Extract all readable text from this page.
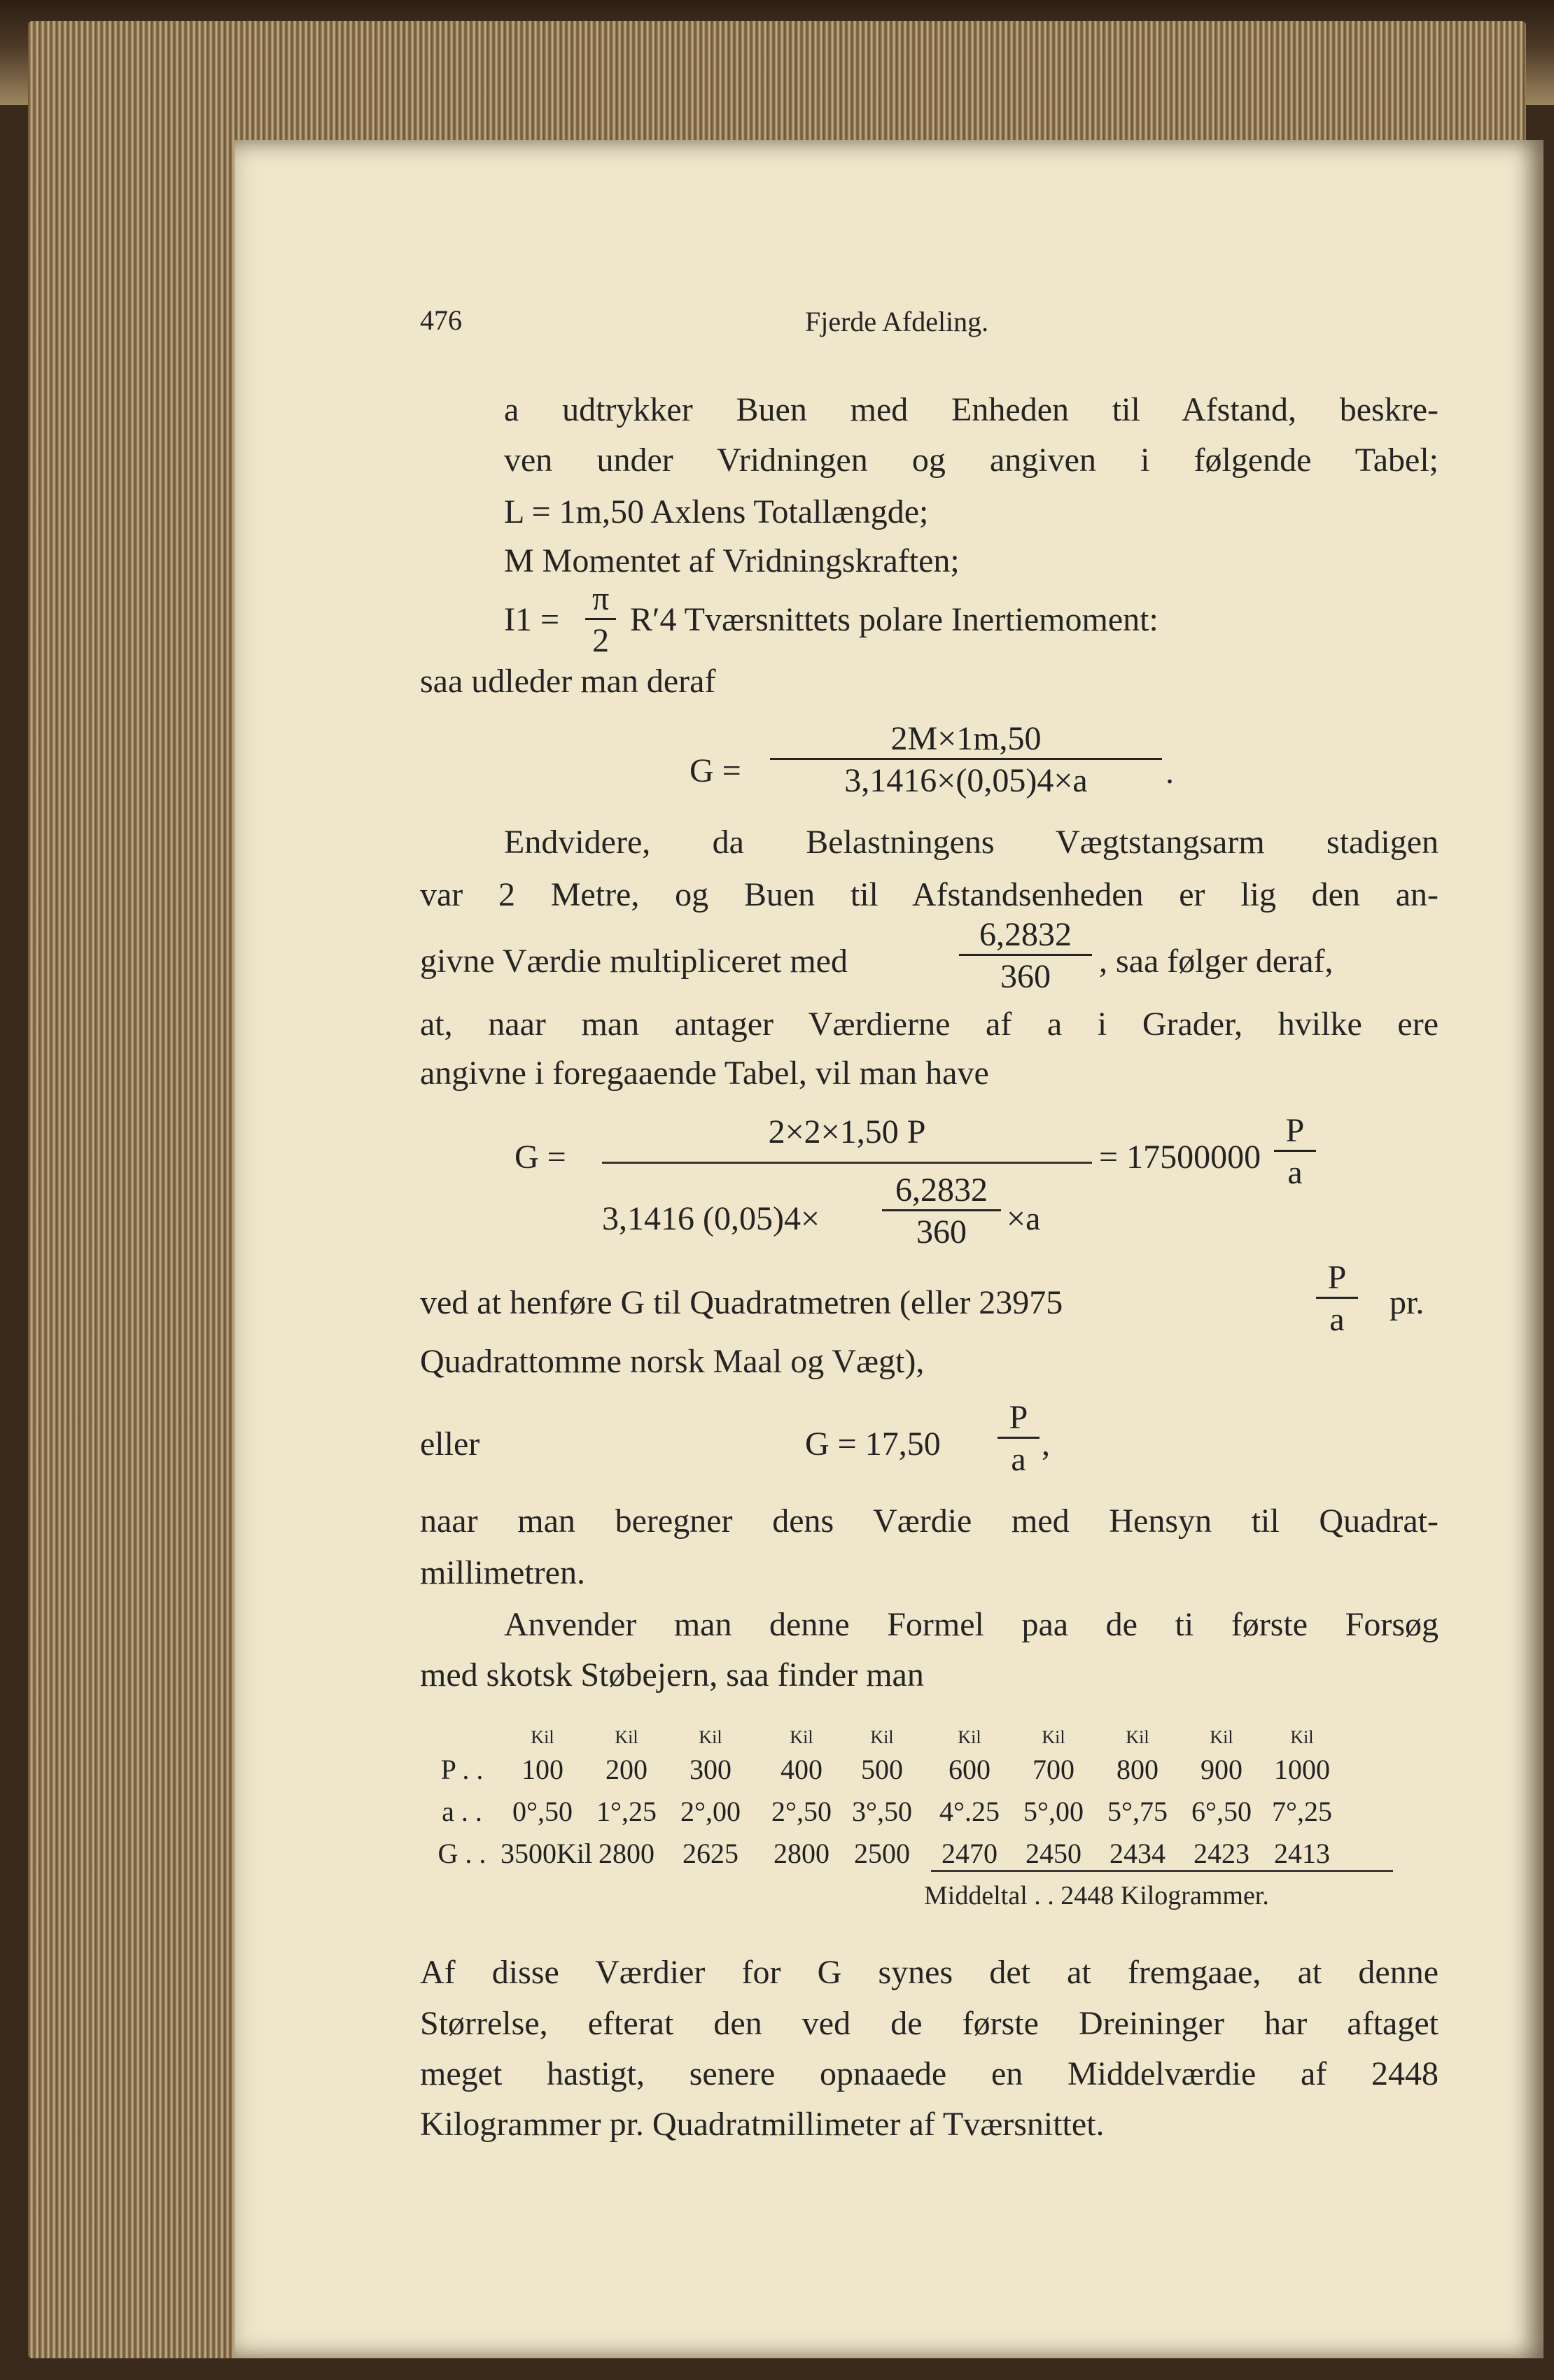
476	Fjerde Afdeling.
a udtrykker Buen med Enheden til Afstand, beskre-
ven under Vridningen og angiven i følgende Tabel;
L = 1m,50 Axlens Totallængde;
M Momentet af Vridningskraften;
$I1 = \frac{\pi}{2} R'4$ Tværsnittets polare Inertiemoment:
saa udleder man deraf
$G = \frac{2M\times 1m,50}{3,1416\times(0,05)4\times a}$ .
Endvidere, da Belastningens Vægtstangsarm stadigen
var 2 Metre, og Buen til Afstandsenheden er lig den an-
givne Værdie multipliceret med	$\frac{6,2832}{360}$ , saa følger deraf,
at, naar man antager Værdierne af a i Grader, hvilke ere
angivne i foregaaende Tabel, vil man have
G =
2×2×1,50 P
3,1416 $(0,05)4\times \frac{6,2832}{360} \times a$
= $17500000 \frac{P}{a}$
ved at henføre G til Quadratmetren (eller 23975	$\frac{P}{a}$ pr.
Quadrattomme norsk Maal og Vægt),
eller	$G = 17,50 \frac{P}{a}$ ,
naar man beregner dens Værdie med Hensyn til Quadrat-
millimetren.
Anvender man denne Formel paa de ti første Forsøg
med skotsk Støbejern, saa finder man
Kil	Kil	Kil	Kil	Kil	Kil	Kil	Kil	Kil	Kil
P . .	100	200	300	400	500	600	700	800	900	1000
a . .	0°,50 1°,25 2°,00	2°,50 3°,50 4°.25 5°,00 5°,75 6°,50 7°,25
G . . 3500Kil 2800	2625	2800 2500	2470	2450	2434	2423 2413
Middeltal . . 2448 Kilogrammer.
Af disse Værdier for G synes det at fremgaae, at denne
Størrelse, efterat den ved de første Dreininger har aftaget
meget hastigt, senere opnaaede en Middelværdie af 2448
Kilogrammer pr. Quadratmillimeter af Tværsnittet.
